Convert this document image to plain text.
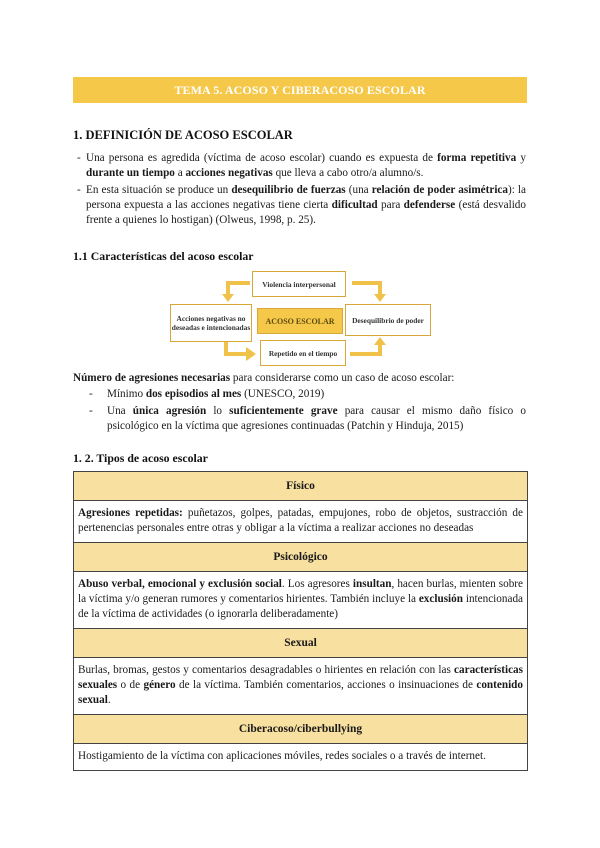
TEMA 5. ACOSO Y CIBERACOSO ESCOLAR
1. DEFINICIÓN DE ACOSO ESCOLAR
- Una persona es agredida (víctima de acoso escolar) cuando es expuesta de forma repetitiva y durante un tiempo a acciones negativas que lleva a cabo otro/a alumno/s.
- En esta situación se produce un desequilibrio de fuerzas (una relación de poder asimétrica): la persona expuesta a las acciones negativas tiene cierta dificultad para defenderse (está desvalido frente a quienes lo hostigan) (Olweus, 1998, p. 25).
1.1 Características del acoso escolar
Violencia interpersonal
Acciones negativas no deseadas e intencionadas
ACOSO ESCOLAR	Desequilibrio de poder
Repetido en el tiempo
Número de agresiones necesarias para considerarse como un caso de acoso escolar:
- Mínimo dos episodios al mes (UNESCO, 2019)
- Una única agresión lo suficientemente grave para causar el mismo daño físico o psicológico en la víctima que agresiones continuadas (Patchin y Hinduja, 2015)
1. 2. Tipos de acoso escolar
Físico
Agresiones repetidas: puñetazos, golpes, patadas, empujones, robo de objetos, sustracción de pertenencias personales entre otras y obligar a la víctima a realizar acciones no deseadas
Psicológico
Abuso verbal, emocional y exclusión social. Los agresores insultan, hacen burlas, mienten sobre la víctima y/o generan rumores y comentarios hirientes. También incluye la exclusión intencionada de la víctima de actividades (o ignorarla deliberadamente)
Sexual
Burlas, bromas, gestos y comentarios desagradables o hirientes en relación con las características sexuales o de género de la víctima. También comentarios, acciones o insinuaciones de contenido sexual.
Ciberacoso/ciberbullying
Hostigamiento de la víctima con aplicaciones móviles, redes sociales o a través de internet.
